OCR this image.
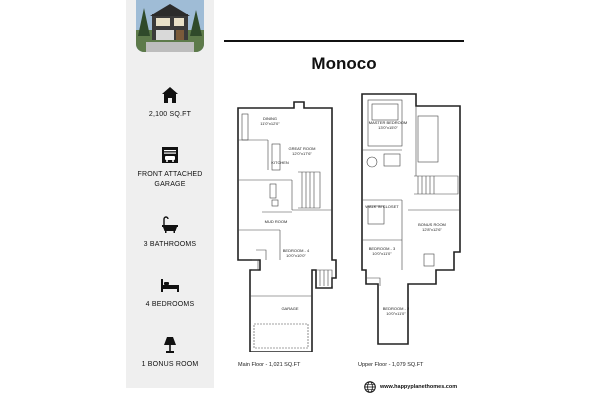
2,100 SQ.FT
FRONT ATTACHED GARAGE
3 BATHROOMS
4 BEDROOMS
1 BONUS ROOM
Monoco
DINING
11'0"x12'0"
GREAT ROOM
12'0"x17'6"
KITCHEN
MUD ROOM
BEDROOM - 4
10'0"x10'0"
GARAGE
Main Floor - 1,021 SQ.FT
MASTER BEDROOM
13'0"x15'0"
WALK IN CLOSET
BONUS ROOM
12'8"x12'6"
BEDROOM - 3
10'0"x11'0"
BEDROOM - 2
10'0"x11'0"
Upper Floor - 1,079 SQ.FT
www.happyplanethomes.com
